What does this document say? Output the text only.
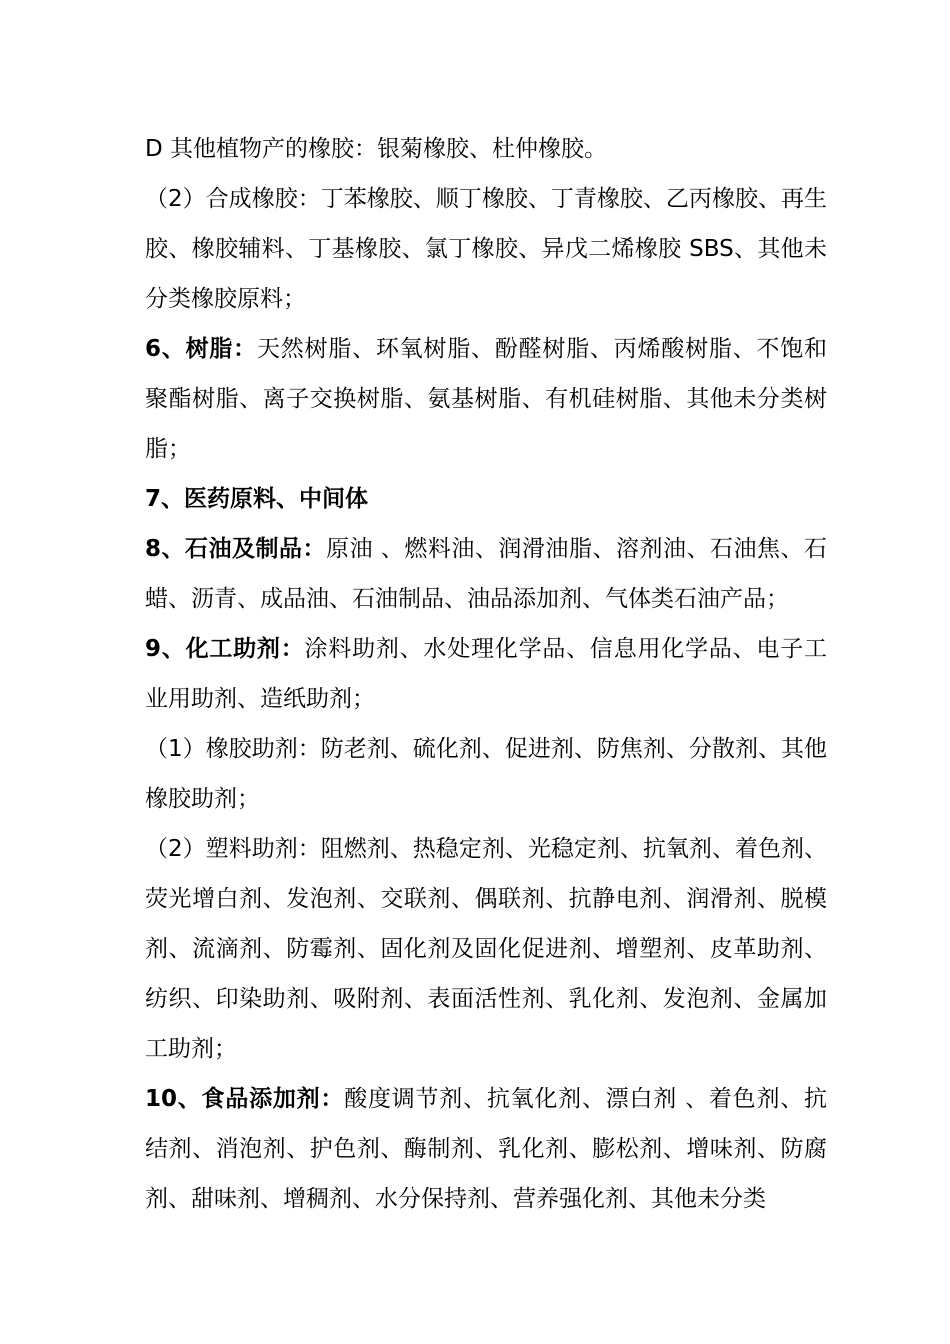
D 其他植物产的橡胶：银菊橡胶、杜仲橡胶。

（2）合成橡胶：丁苯橡胶、顺丁橡胶、丁青橡胶、乙丙橡胶、再生胶、橡胶辅料、丁基橡胶、氯丁橡胶、异戊二烯橡胶 SBS、其他未分类橡胶原料；

6、树脂：天然树脂、环氧树脂、酚醛树脂、丙烯酸树脂、不饱和聚酯树脂、离子交换树脂、氨基树脂、有机硅树脂、其他未分类树脂；

7、医药原料、中间体

8、石油及制品：原油 、燃料油、润滑油脂、溶剂油、石油焦、石蜡、沥青、成品油、石油制品、油品添加剂、气体类石油产品；

9、化工助剂：涂料助剂、水处理化学品、信息用化学品、电子工业用助剂、造纸助剂；

（1）橡胶助剂：防老剂、硫化剂、促进剂、防焦剂、分散剂、其他橡胶助剂；

（2）塑料助剂：阻燃剂、热稳定剂、光稳定剂、抗氧剂、着色剂、荧光增白剂、发泡剂、交联剂、偶联剂、抗静电剂、润滑剂、脱模剂、流滴剂、防霉剂、固化剂及固化促进剂、增塑剂、皮革助剂、纺织、印染助剂、吸附剂、表面活性剂、乳化剂、发泡剂、金属加工助剂；

10、食品添加剂：酸度调节剂、抗氧化剂、漂白剂 、着色剂、抗结剂、消泡剂、护色剂、酶制剂、乳化剂、膨松剂、增味剂、防腐剂、甜味剂、增稠剂、水分保持剂、营养强化剂、其他未分类
